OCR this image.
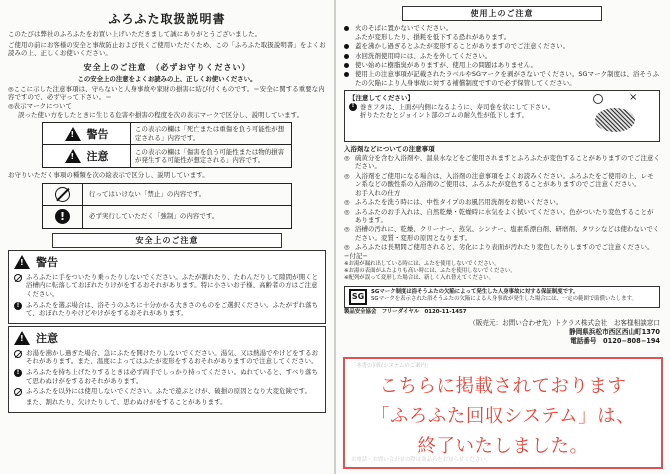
ふろふた取扱説明書
このたびは弊社のふろふたをお買い上げいただきまして誠にありがとうございました。
ご使用の前にお客様の安全と事故防止および長くご使用いただくため、この「ふろふた取扱説明書」をよくお読みの上、正しくお使いください。
安全上のご注意　（必ずお守りください）
この安全上の注意をよくお読みの上、正しくお使いください。
◎ここに示した注意事項は、守らないと人身事故や家財の損害に結び付くものです。＝安全に関する重要な内容ですので、必ず守って下さい。＝
◎表示マークについて
誤った使い方をしたときに生じる危害や損害の程度を次の表示マークで区分し、説明しています。
! 警告	この表示の欄は「死亡または重傷を負う可能性が想定される」内容です。
! 注意	この表示の欄は「傷害を負う可能性または物的損害が発生する可能性が想定される」内容です。
お守りいただく事項の種類を次の絵表示で区分し、説明しています。
行ってはいけない「禁止」の内容です。
!	必ず実行していただく「強制」の内容です。
安全上のご注意
! 警告
ふろふたに手をついたり乗ったりしないでください。ふたが割れたり、たわんだりして隙間が開くと浴槽内に転落しておぼれたりけがをするおそれがあります。特に小さいお子様、高齢者の方はご注意ください。
!	ふろふたを選ぶ場合は、浴そうのふちに十分かかる大きさのものをご選択ください。ふたがずれ落ちて、おぼれたりやけどやけがをするおそれがあります。
! 注意
お湯を沸かし過ぎた場合、急にふたを開けたりしないでください。湯気、又は熱湯でやけどをするおそれがあります。また、温度によってはふたが変形をするおそれがありますので注意してください。
!	ふろふたを持ち上げたりするときは必ず両手でしっかり持ってください。ぬれていると、すべり落ちて思わぬけがをするおそれがあります。
ふろふたを以外には使用しないでください。ふたで遊ぶとけが、破損の原因となり大変危険です。
また、割れたり、欠けたりして、思わぬけがをすることがあります。
使用上のご注意
火のそばに置かないでください。
ふたが変形したり、損耗を低下する恐れがあります。
蓋を沸かし過ぎるとふたが変形することがありますのでご注意ください。
水回洗剤使用時には、ふたを外してください。
使い始めに樹脂臭がありますが、使用上の問題はありません。
使用上の注意事項が記載されたラベルやSGマークを剥がさないでください。SGマーク制度は、浴そうふたの欠陥により人身事故に対する補償制度ですので必ず保管してください。
【注意してください】
! 巻きフタは、上面が内側になるように、寿司巻を状にして下さい。
折りたたむとジョイント部のゴムの耐久性が低下します。
×
入浴剤などについての注意事項
◎ 硫黄分を含む入浴剤や、温泉水などをご使用されますとふろふたが変色することがありますのでご注意ください。
◎ 入浴剤をご使用になる場合は、入浴剤の注意事項をよくお読みください。ふろふたをご使用の上、レモン系などの酸性系の入浴剤のご使用は、ふろふたが変色することがありますのでご注意ください。
お手入れの仕方
◎ ふろふたを洗う時には、中性タイプのお風呂用洗剤をお使いください。
◎ ふろふたのお手入れは、自然乾燥・乾燥時に水気をよく拭いてください。色がついたり変色することがあります。
◎ 浴槽の汚れに、乾燥、クリーナー、蒸気、シンナー、塩素系漂白剤、研磨剤、タワシなどは使わないでください。変質・変形の原因となります。
◎ ふろふたは長期間ご使用されると、劣化により表面が汚れたり変色したりしますのでご注意ください。
−付記−
※お湯が漏れ出している時には、ふたを使用しないでください。
※お湯の表面がふたよりも高い時には、ふたを使用しないでください。
※配列が誤って変形した場合は、新しく入れ替えてください。
SG
SGマーク制度は浴そうふたの欠陥によって発生した人身事故に対する保証制度です。
SGマークを表示された浴そうふたの欠陥による人身事故が発生した場合には、一定の範囲で賠償いたします。
製品安全協会　フリーダイヤル　0120-11-1457
（販売元：お問い合わせ先）トクラス株式会社　お客様相談窓口
静岡県浜松市西区西山町1370
電話番号　0120−808−194
「本書の回収システムのご案内」
こちらに掲載されております
「ふろふた回収システム」は、
終了いたしました。
お電話・お問い合わせの際は商品名をお知らせください。
